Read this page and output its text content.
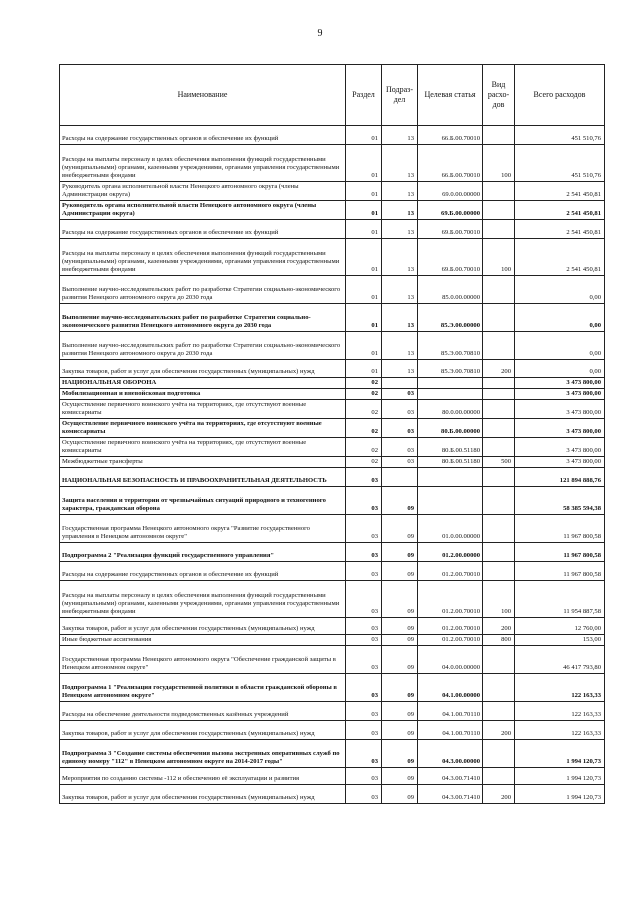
9
Наименование	Раздел	Подраз-дел	Целевая статья	Вид расхо-дов	Всего расходов
Расходы на содержание государственных органов и обеспечение их функций	01	13	66.Б.00.70010		451 510,76
Расходы на выплаты персоналу в целях обеспечения выполнения функций государственными (муниципальными) органами, казенными учреждениями, органами управления государственными внебюджетными фондами	01	13	66.Б.00.70010	100	451 510,76
Руководитель органа исполнительной власти Ненецкого автономного округа (члены Администрации округа)	01	13	69.0.00.00000		2 541 450,81
Руководитель органа исполнительной власти Ненецкого автономного округа (члены Администрации округа)	01	13	69.Б.00.00000		2 541 450,81
Расходы на содержание государственных органов и обеспечение их функций	01	13	69.Б.00.70010		2 541 450,81
Расходы на выплаты персоналу в целях обеспечения выполнения функций государственными (муниципальными) органами, казенными учреждениями, органами управления государственными внебюджетными фондами	01	13	69.Б.00.70010	100	2 541 450,81
Выполнение научно-исследовательских работ по разработке Стратегии социально-экономического развития Ненецкого автономного округа до 2030 года	01	13	85.0.00.00000		0,00
Выполнение научно-исследовательских работ по разработке Стратегии социально-экономического развития Ненецкого автономного округа до 2030 года	01	13	85.Э.00.00000		0,00
Выполнение научно-исследовательских работ по разработке Стратегии социально-экономического развития Ненецкого автономного округа до 2030 года	01	13	85.Э.00.70810		0,00
Закупка товаров, работ и услуг для обеспечения государственных (муниципальных) нужд	01	13	85.Э.00.70810	200	0,00
НАЦИОНАЛЬНАЯ ОБОРОНА	02				3 473 800,00
Мобилизационная и вневойсковая подготовка	02	03			3 473 800,00
Осуществление первичного воинского учёта на территориях, где отсутствуют военные комиссариаты	02	03	80.0.00.00000		3 473 800,00
Осуществление первичного воинского учёта на территориях, где отсутствуют военные комиссариаты	02	03	80.Б.00.00000		3 473 800,00
Осуществление первичного воинского учёта на территориях, где отсутствуют военные комиссариаты	02	03	80.Б.00.51180		3 473 800,00
Межбюджетные трансферты	02	03	80.Б.00.51180	500	3 473 800,00
НАЦИОНАЛЬНАЯ БЕЗОПАСНОСТЬ И ПРАВООХРАНИТЕЛЬНАЯ ДЕЯТЕЛЬНОСТЬ	03				121 894 888,76
Защита населения и территории от чрезвычайных ситуаций природного и техногенного характера, гражданская оборона	03	09			58 385 594,38
Государственная программа Ненецкого автономного округа "Развитие государственного управления в Ненецком автономном округе"	03	09	01.0.00.00000		11 967 800,58
Подпрограмма 2 "Реализация функций государственного управления"	03	09	01.2.00.00000		11 967 800,58
Расходы на содержание государственных органов и обеспечение их функций	03	09	01.2.00.70010		11 967 800,58
Расходы на выплаты персоналу в целях обеспечения выполнения функций государственными (муниципальными) органами, казенными учреждениями, органами управления государственными внебюджетными фондами	03	09	01.2.00.70010	100	11 954 887,58
Закупка товаров, работ и услуг для обеспечения государственных (муниципальных) нужд	03	09	01.2.00.70010	200	12 760,00
Иные бюджетные ассигнования	03	09	01.2.00.70010	800	153,00
Государственная программа Ненецкого автономного округа "Обеспечение гражданской защиты в Ненецком автономном округе"	03	09	04.0.00.00000		46 417 793,80
Подпрограмма 1 "Реализация государственной политики в области гражданской обороны в Ненецком автономном округе"	03	09	04.1.00.00000		122 163,33
Расходы на обеспечение деятельности подведомственных казённых учреждений	03	09	04.1.00.70110		122 163,33
Закупка товаров, работ и услуг для обеспечения государственных (муниципальных) нужд	03	09	04.1.00.70110	200	122 163,33
Подпрограмма 3 "Создание системы обеспечения вызова экстренных оперативных служб по единому номеру "112" в Ненецком автономном округе на 2014-2017 годы"	03	09	04.3.00.00000		1 994 120,73
Мероприятия по созданию системы -112 и обеспечению её эксплуатации и развития	03	09	04.3.00.71410		1 994 120,73
Закупка товаров, работ и услуг для обеспечения государственных (муниципальных) нужд	03	09	04.3.00.71410	200	1 994 120,73
